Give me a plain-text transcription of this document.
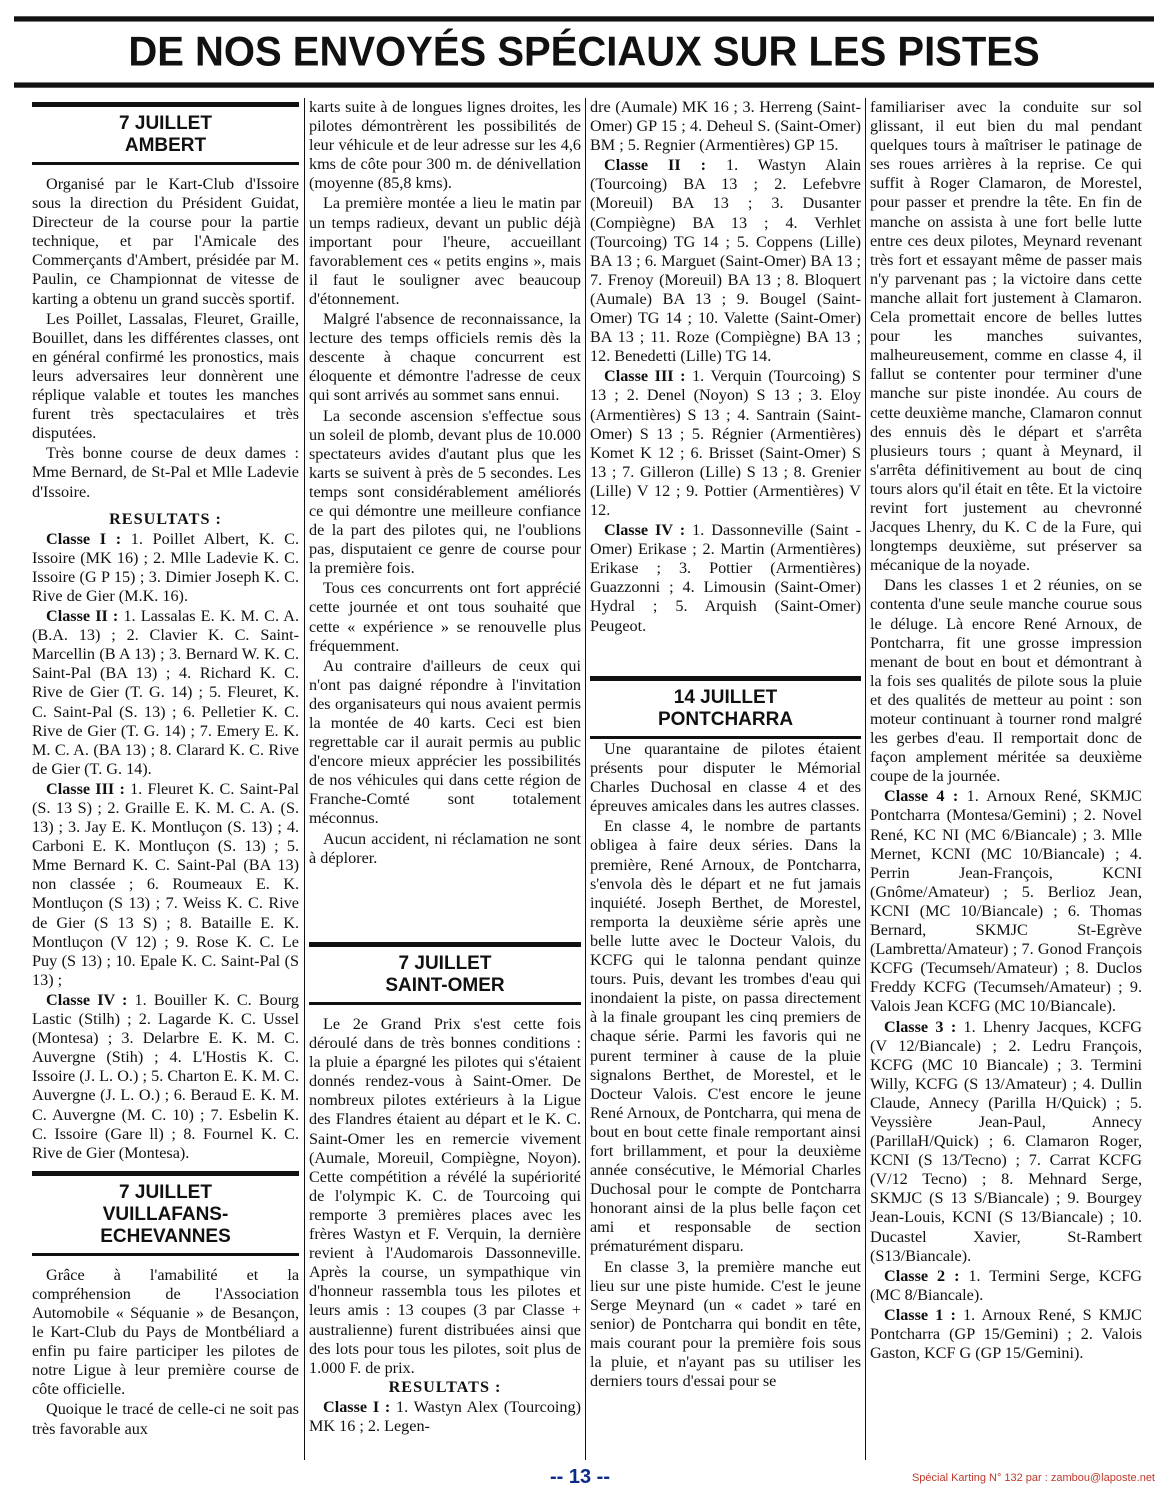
DE NOS ENVOYÉS SPÉCIAUX SUR LES PISTES
7 JUILLET
AMBERT

Organisé par le Kart-Club d'Issoire sous la direction du Président Guidat, Directeur de la course pour la partie technique, et par l'Amicale des Commerçants d'Ambert, présidée par M. Paulin, ce Championnat de vitesse de karting a obtenu un grand succès sportif.

Les Poillet, Lassalas, Fleuret, Graille, Bouillet, dans les différentes classes, ont en général confirmé les pronostics, mais leurs adversaires leur donnèrent une réplique valable et toutes les manches furent très spectaculaires et très disputées.

Très bonne course de deux dames : Mme Bernard, de St-Pal et Mlle Ladevie d'Issoire.

RESULTATS :

Classe I : 1. Poillet Albert, K. C. Issoire (MK 16) ; 2. Mlle Ladevie K. C. Issoire (G P 15) ; 3. Dimier Joseph K. C. Rive de Gier (M.K. 16).

Classe II : 1. Lassalas E. K. M. C. A. (B.A. 13) ; 2. Clavier K. C. Saint-Marcellin (B A 13) ; 3. Bernard W. K. C. Saint-Pal (BA 13) ; 4. Richard K. C. Rive de Gier (T. G. 14) ; 5. Fleuret, K. C. Saint-Pal (S. 13) ; 6. Pelletier K. C. Rive de Gier (T. G. 14) ; 7. Emery E. K. M. C. A. (BA 13) ; 8. Clarard K. C. Rive de Gier (T. G. 14).

Classe III : 1. Fleuret K. C. Saint-Pal (S. 13 S) ; 2. Graille E. K. M. C. A. (S. 13) ; 3. Jay E. K. Montluçon (S. 13) ; 4. Carboni E. K. Montluçon (S. 13) ; 5. Mme Bernard K. C. Saint-Pal (BA 13) non classée ; 6. Roumeaux E. K. Montluçon (S 13) ; 7. Weiss K. C. Rive de Gier (S 13 S) ; 8. Bataille E. K. Montluçon (V 12) ; 9. Rose K. C. Le Puy (S 13) ; 10. Epale K. C. Saint-Pal (S 13) ;

Classe IV : 1. Bouiller K. C. Bourg Lastic (Stilh) ; 2. Lagarde K. C. Ussel (Montesa) ; 3. Delarbre E. K. M. C. Auvergne (Stih) ; 4. L'Hostis K. C. Issoire (J. L. O.) ; 5. Charton E. K. M. C. Auvergne (J. L. O.) ; 6. Beraud E. K. M. C. Auvergne (M. C. 10) ; 7. Esbelin K. C. Issoire (Gare ll) ; 8. Fournel K. C. Rive de Gier (Montesa).

7 JUILLET
VUILLAFANS-
ECHEVANNES

Grâce à l'amabilité et la compréhension de l'Association Automobile « Séquanie » de Besançon, le Kart-Club du Pays de Montbéliard a enfin pu faire participer les pilotes de notre Ligue à leur première course de côte officielle.

Quoique le tracé de celle-ci ne soit pas très favorable aux

karts suite à de longues lignes droites, les pilotes démontrèrent les possibilités de leur véhicule et de leur adresse sur les 4,6 kms de côte pour 300 m. de dénivellation (moyenne (85,8 kms).

La première montée a lieu le matin par un temps radieux, devant un public déjà important pour l'heure, accueillant favorablement ces « petits engins », mais il faut le souligner avec beaucoup d'étonnement.

Malgré l'absence de reconnaissance, la lecture des temps officiels remis dès la descente à chaque concurrent est éloquente et démontre l'adresse de ceux qui sont arrivés au sommet sans ennui.

La seconde ascension s'effectue sous un soleil de plomb, devant plus de 10.000 spectateurs avides d'autant plus que les karts se suivent à près de 5 secondes. Les temps sont considérablement améliorés ce qui démontre une meilleure confiance de la part des pilotes qui, ne l'oublions pas, disputaient ce genre de course pour la première fois.

Tous ces concurrents ont fort apprécié cette journée et ont tous souhaité que cette « expérience » se renouvelle plus fréquemment.

Au contraire d'ailleurs de ceux qui n'ont pas daigné répondre à l'invitation des organisateurs qui nous avaient permis la montée de 40 karts. Ceci est bien regrettable car il aurait permis au public d'encore mieux apprécier les possibilités de nos véhicules qui dans cette région de Franche-Comté sont totalement méconnus.

Aucun accident, ni réclamation ne sont à déplorer.

7 JUILLET
SAINT-OMER

Le 2e Grand Prix s'est cette fois déroulé dans de très bonnes conditions : la pluie a épargné les pilotes qui s'étaient donnés rendez-vous à Saint-Omer. De nombreux pilotes extérieurs à la Ligue des Flandres étaient au départ et le K. C. Saint-Omer les en remercie vivement (Aumale, Moreuil, Compiègne, Noyon). Cette compétition a révélé la supériorité de l'olympic K. C. de Tourcoing qui remporte 3 premières places avec les frères Wastyn et F. Verquin, la dernière revient à l'Audomarois Dassonneville. Après la course, un sympathique vin d'honneur rassembla tous les pilotes et leurs amis : 13 coupes (3 par Classe + australienne) furent distribuées ainsi que des lots pour tous les pilotes, soit plus de 1.000 F. de prix.

RESULTATS :

Classe I : 1. Wastyn Alex (Tourcoing) MK 16 ; 2. Legen-

dre (Aumale) MK 16 ; 3. Herreng (Saint-Omer) GP 15 ; 4. Deheul S. (Saint-Omer) BM ; 5. Regnier (Armentières) GP 15.

Classe II : 1. Wastyn Alain (Tourcoing) BA 13 ; 2. Lefebvre (Moreuil) BA 13 ; 3. Dusanter (Compiègne) BA 13 ; 4. Verhlet (Tourcoing) TG 14 ; 5. Coppens (Lille) BA 13 ; 6. Marguet (Saint-Omer) BA 13 ; 7. Frenoy (Moreuil) BA 13 ; 8. Bloquert (Aumale) BA 13 ; 9. Bougel (Saint-Omer) TG 14 ; 10. Valette (Saint-Omer) BA 13 ; 11. Roze (Compiègne) BA 13 ; 12. Benedetti (Lille) TG 14.

Classe III : 1. Verquin (Tourcoing) S 13 ; 2. Denel (Noyon) S 13 ; 3. Eloy (Armentières) S 13 ; 4. Santrain (Saint-Omer) S 13 ; 5. Régnier (Armentières) Komet K 12 ; 6. Brisset (Saint-Omer) S 13 ; 7. Gilleron (Lille) S 13 ; 8. Grenier (Lille) V 12 ; 9. Pottier (Armentières) V 12.

Classe IV : 1. Dassonneville (Saint - Omer) Erikase ; 2. Martin (Armentières) Erikase ; 3. Pottier (Armentières) Guazzonni ; 4. Limousin (Saint-Omer) Hydral ; 5. Arquish (Saint-Omer) Peugeot.

14 JUILLET
PONTCHARRA

Une quarantaine de pilotes étaient présents pour disputer le Mémorial Charles Duchosal en classe 4 et des épreuves amicales dans les autres classes.

En classe 4, le nombre de partants obligea à faire deux séries. Dans la première, René Arnoux, de Pontcharra, s'envola dès le départ et ne fut jamais inquiété. Joseph Berthet, de Morestel, remporta la deuxième série après une belle lutte avec le Docteur Valois, du KCFG qui le talonna pendant quinze tours. Puis, devant les trombes d'eau qui inondaient la piste, on passa directement à la finale groupant les cinq premiers de chaque série. Parmi les favoris qui ne purent terminer à cause de la pluie signalons Berthet, de Morestel, et le Docteur Valois. C'est encore le jeune René Arnoux, de Pontcharra, qui mena de bout en bout cette finale remportant ainsi fort brillamment, et pour la deuxième année consécutive, le Mémorial Charles Duchosal pour le compte de Pontcharra honorant ainsi de la plus belle façon cet ami et responsable de section prématurément disparu.

En classe 3, la première manche eut lieu sur une piste humide. C'est le jeune Serge Meynard (un « cadet » taré en senior) de Pontcharra qui bondit en tête, mais courant pour la première fois sous la pluie, et n'ayant pas su utiliser les derniers tours d'essai pour se

familiariser avec la conduite sur sol glissant, il eut bien du mal pendant quelques tours à maîtriser le patinage de ses roues arrières à la reprise. Ce qui suffit à Roger Clamaron, de Morestel, pour passer et prendre la tête. En fin de manche on assista à une fort belle lutte entre ces deux pilotes, Meynard revenant très fort et essayant même de passer mais n'y parvenant pas ; la victoire dans cette manche allait fort justement à Clamaron. Cela promettait encore de belles luttes pour les manches suivantes, malheureusement, comme en classe 4, il fallut se contenter pour terminer d'une manche sur piste inondée. Au cours de cette deuxième manche, Clamaron connut des ennuis dès le départ et s'arrêta plusieurs tours ; quant à Meynard, il s'arrêta définitivement au bout de cinq tours alors qu'il était en tête. Et la victoire revint fort justement au chevronné Jacques Lhenry, du K. C de la Fure, qui longtemps deuxième, sut préserver sa mécanique de la noyade.

Dans les classes 1 et 2 réunies, on se contenta d'une seule manche courue sous le déluge. Là encore René Arnoux, de Pontcharra, fit une grosse impression menant de bout en bout et démontrant à la fois ses qualités de pilote sous la pluie et des qualités de metteur au point : son moteur continuant à tourner rond malgré les gerbes d'eau. Il remportait donc de façon amplement méritée sa deuxième coupe de la journée.

Classe 4 : 1. Arnoux René, SKMJC Pontcharra (Montesa/Gemini) ; 2. Novel René, KC NI (MC 6/Biancale) ; 3. Mlle Mernet, KCNI (MC 10/Biancale) ; 4. Perrin Jean-François, KCNI (Gnôme/Amateur) ; 5. Berlioz Jean, KCNI (MC 10/Biancale) ; 6. Thomas Bernard, SKMJC St-Egrève (Lambretta/Amateur) ; 7. Gonod François KCFG (Tecumseh/Amateur) ; 8. Duclos Freddy KCFG (Tecumseh/Amateur) ; 9. Valois Jean KCFG (MC 10/Biancale).

Classe 3 : 1. Lhenry Jacques, KCFG (V 12/Biancale) ; 2. Ledru François, KCFG (MC 10 Biancale) ; 3. Termini Willy, KCFG (S 13/Amateur) ; 4. Dullin Claude, Annecy (Parilla H/Quick) ; 5. Veyssière Jean-Paul, Annecy (ParillaH/Quick) ; 6. Clamaron Roger, KCNI (S 13/Tecno) ; 7. Carrat KCFG (V/12 Tecno) ; 8. Mehnard Serge, SKMJC (S 13 S/Biancale) ; 9. Bourgey Jean-Louis, KCNI (S 13/Biancale) ; 10. Ducastel Xavier, St-Rambert (S13/Biancale).

Classe 2 : 1. Termini Serge, KCFG (MC 8/Biancale).

Classe 1 : 1. Arnoux René, S KMJC Pontcharra (GP 15/Gemini) ; 2. Valois Gaston, KCF G (GP 15/Gemini).

-- 13 --	Spécial Karting N° 132 par : zambou@laposte.net
